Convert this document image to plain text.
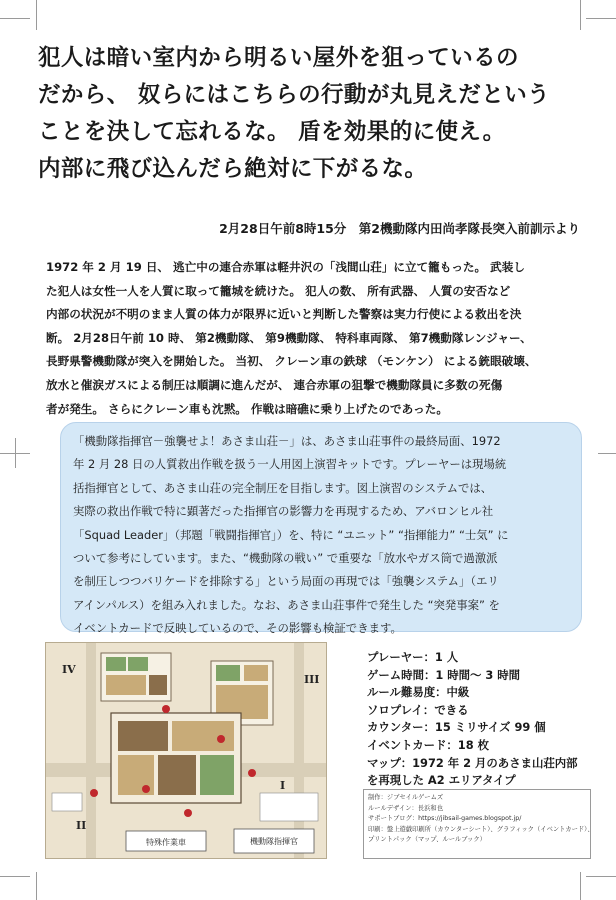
犯人は暗い室内から明るい屋外を狙っているの
だから、 奴らにはこちらの行動が丸見えだという
ことを決して忘れるな。 盾を効果的に使え。
内部に飛び込んだら絶対に下がるな。
2月28日午前8時15分　第2機動隊内田尚孝隊長突入前訓示より
1972 年 2 月 19 日、 逃亡中の連合赤軍は軽井沢の「浅間山荘」に立て籠もった。 武装し
た犯人は女性一人を人質に取って籠城を続けた。 犯人の数、 所有武器、 人質の安否など
内部の状況が不明のまま人質の体力が限界に近いと判断した警察は実力行使による救出を決
断。 2月28日午前 10 時、 第2機動隊、 第9機動隊、 特科車両隊、 第7機動隊レンジャー、
長野県警機動隊が突入を開始した。 当初、 クレーン車の鉄球 （モンケン） による銃眼破壊、
放水と催涙ガスによる制圧は順調に進んだが、 連合赤軍の狙撃で機動隊員に多数の死傷
者が発生。 さらにクレーン車も沈黙。 作戦は暗礁に乗り上げたのであった。
「機動隊指揮官－強襲せよ！あさま山荘－」は、あさま山荘事件の最終局面、1972
年 2 月 28 日の人質救出作戦を扱う一人用図上演習キットです。プレーヤーは現場統
括指揮官として、あさま山荘の完全制圧を目指します。図上演習のシステムでは、
実際の救出作戦で特に顕著だった指揮官の影響力を再現するため、アバロンヒル社
「Squad Leader」（邦題「戦闘指揮官」）を、特に “ユニット” “指揮能力” “士気” に
ついて参考にしています。また、“機動隊の戦い” で重要な「放水やガス筒で過激派
を制圧しつつバリケードを排除する」という局面の再現では「強襲システム」（エリ
アインパルス）を組み入れました。なお、あさま山荘事件で発生した “突発事案” を
イベントカードで反映しているので、その影響も検証できます。
IV
III
II
I
特殊作業車	機動隊指揮官
プレーヤー：1 人
ゲーム時間：1 時間～ 3 時間
ルール難易度：中級
ソロプレイ：できる
カウンター：15 ミリサイズ 99 個
イベントカード：18 枚
マップ：1972 年 2 月のあさま山荘内部
を再現した A2 エリアタイプ
制作：ジブセイルゲームズ
ルールデザイン：長浜和也
サポートブログ：https://jibsail-games.blogspot.jp/
印刷：盤上遊戯印刷所（カウンターシート）、グラフィック（イベントカード）、
プリントパック（マップ、ルールブック）
